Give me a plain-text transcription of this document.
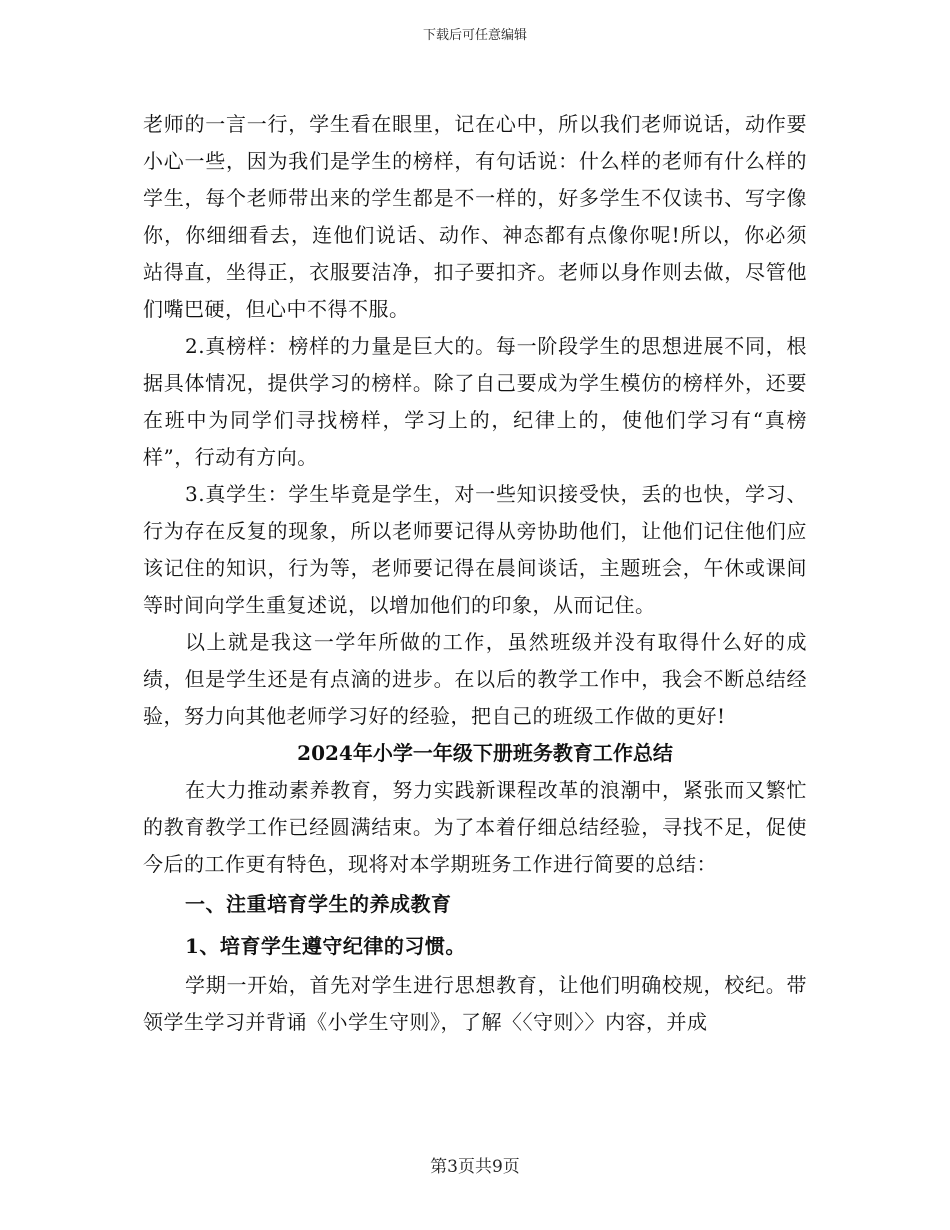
下载后可任意编辑

老师的一言一行，学生看在眼里，记在心中，所以我们老师说话，动作要小心一些，因为我们是学生的榜样，有句话说：什么样的老师有什么样的学生，每个老师带出来的学生都是不一样的，好多学生不仅读书、写字像你，你细细看去，连他们说话、动作、神态都有点像你呢!所以，你必须站得直，坐得正，衣服要洁净，扣子要扣齐。老师以身作则去做，尽管他们嘴巴硬，但心中不得不服。

2.真榜样：榜样的力量是巨大的。每一阶段学生的思想进展不同，根据具体情况，提供学习的榜样。除了自己要成为学生模仿的榜样外，还要在班中为同学们寻找榜样，学习上的，纪律上的，使他们学习有“真榜样”，行动有方向。

3.真学生：学生毕竟是学生，对一些知识接受快，丢的也快，学习、行为存在反复的现象，所以老师要记得从旁协助他们，让他们记住他们应该记住的知识，行为等，老师要记得在晨间谈话，主题班会，午休或课间等时间向学生重复述说，以增加他们的印象，从而记住。

以上就是我这一学年所做的工作，虽然班级并没有取得什么好的成绩，但是学生还是有点滴的进步。在以后的教学工作中，我会不断总结经验，努力向其他老师学习好的经验，把自己的班级工作做的更好!

2024年小学一年级下册班务教育工作总结

在大力推动素养教育，努力实践新课程改革的浪潮中，紧张而又繁忙的教育教学工作已经圆满结束。为了本着仔细总结经验，寻找不足，促使今后的工作更有特色，现将对本学期班务工作进行简要的总结：

一、注重培育学生的养成教育

1、培育学生遵守纪律的习惯。

学期一开始，首先对学生进行思想教育，让他们明确校规，校纪。带领学生学习并背诵《小学生守则》，了解〈〈守则〉〉内容，并成

第3页共9页
